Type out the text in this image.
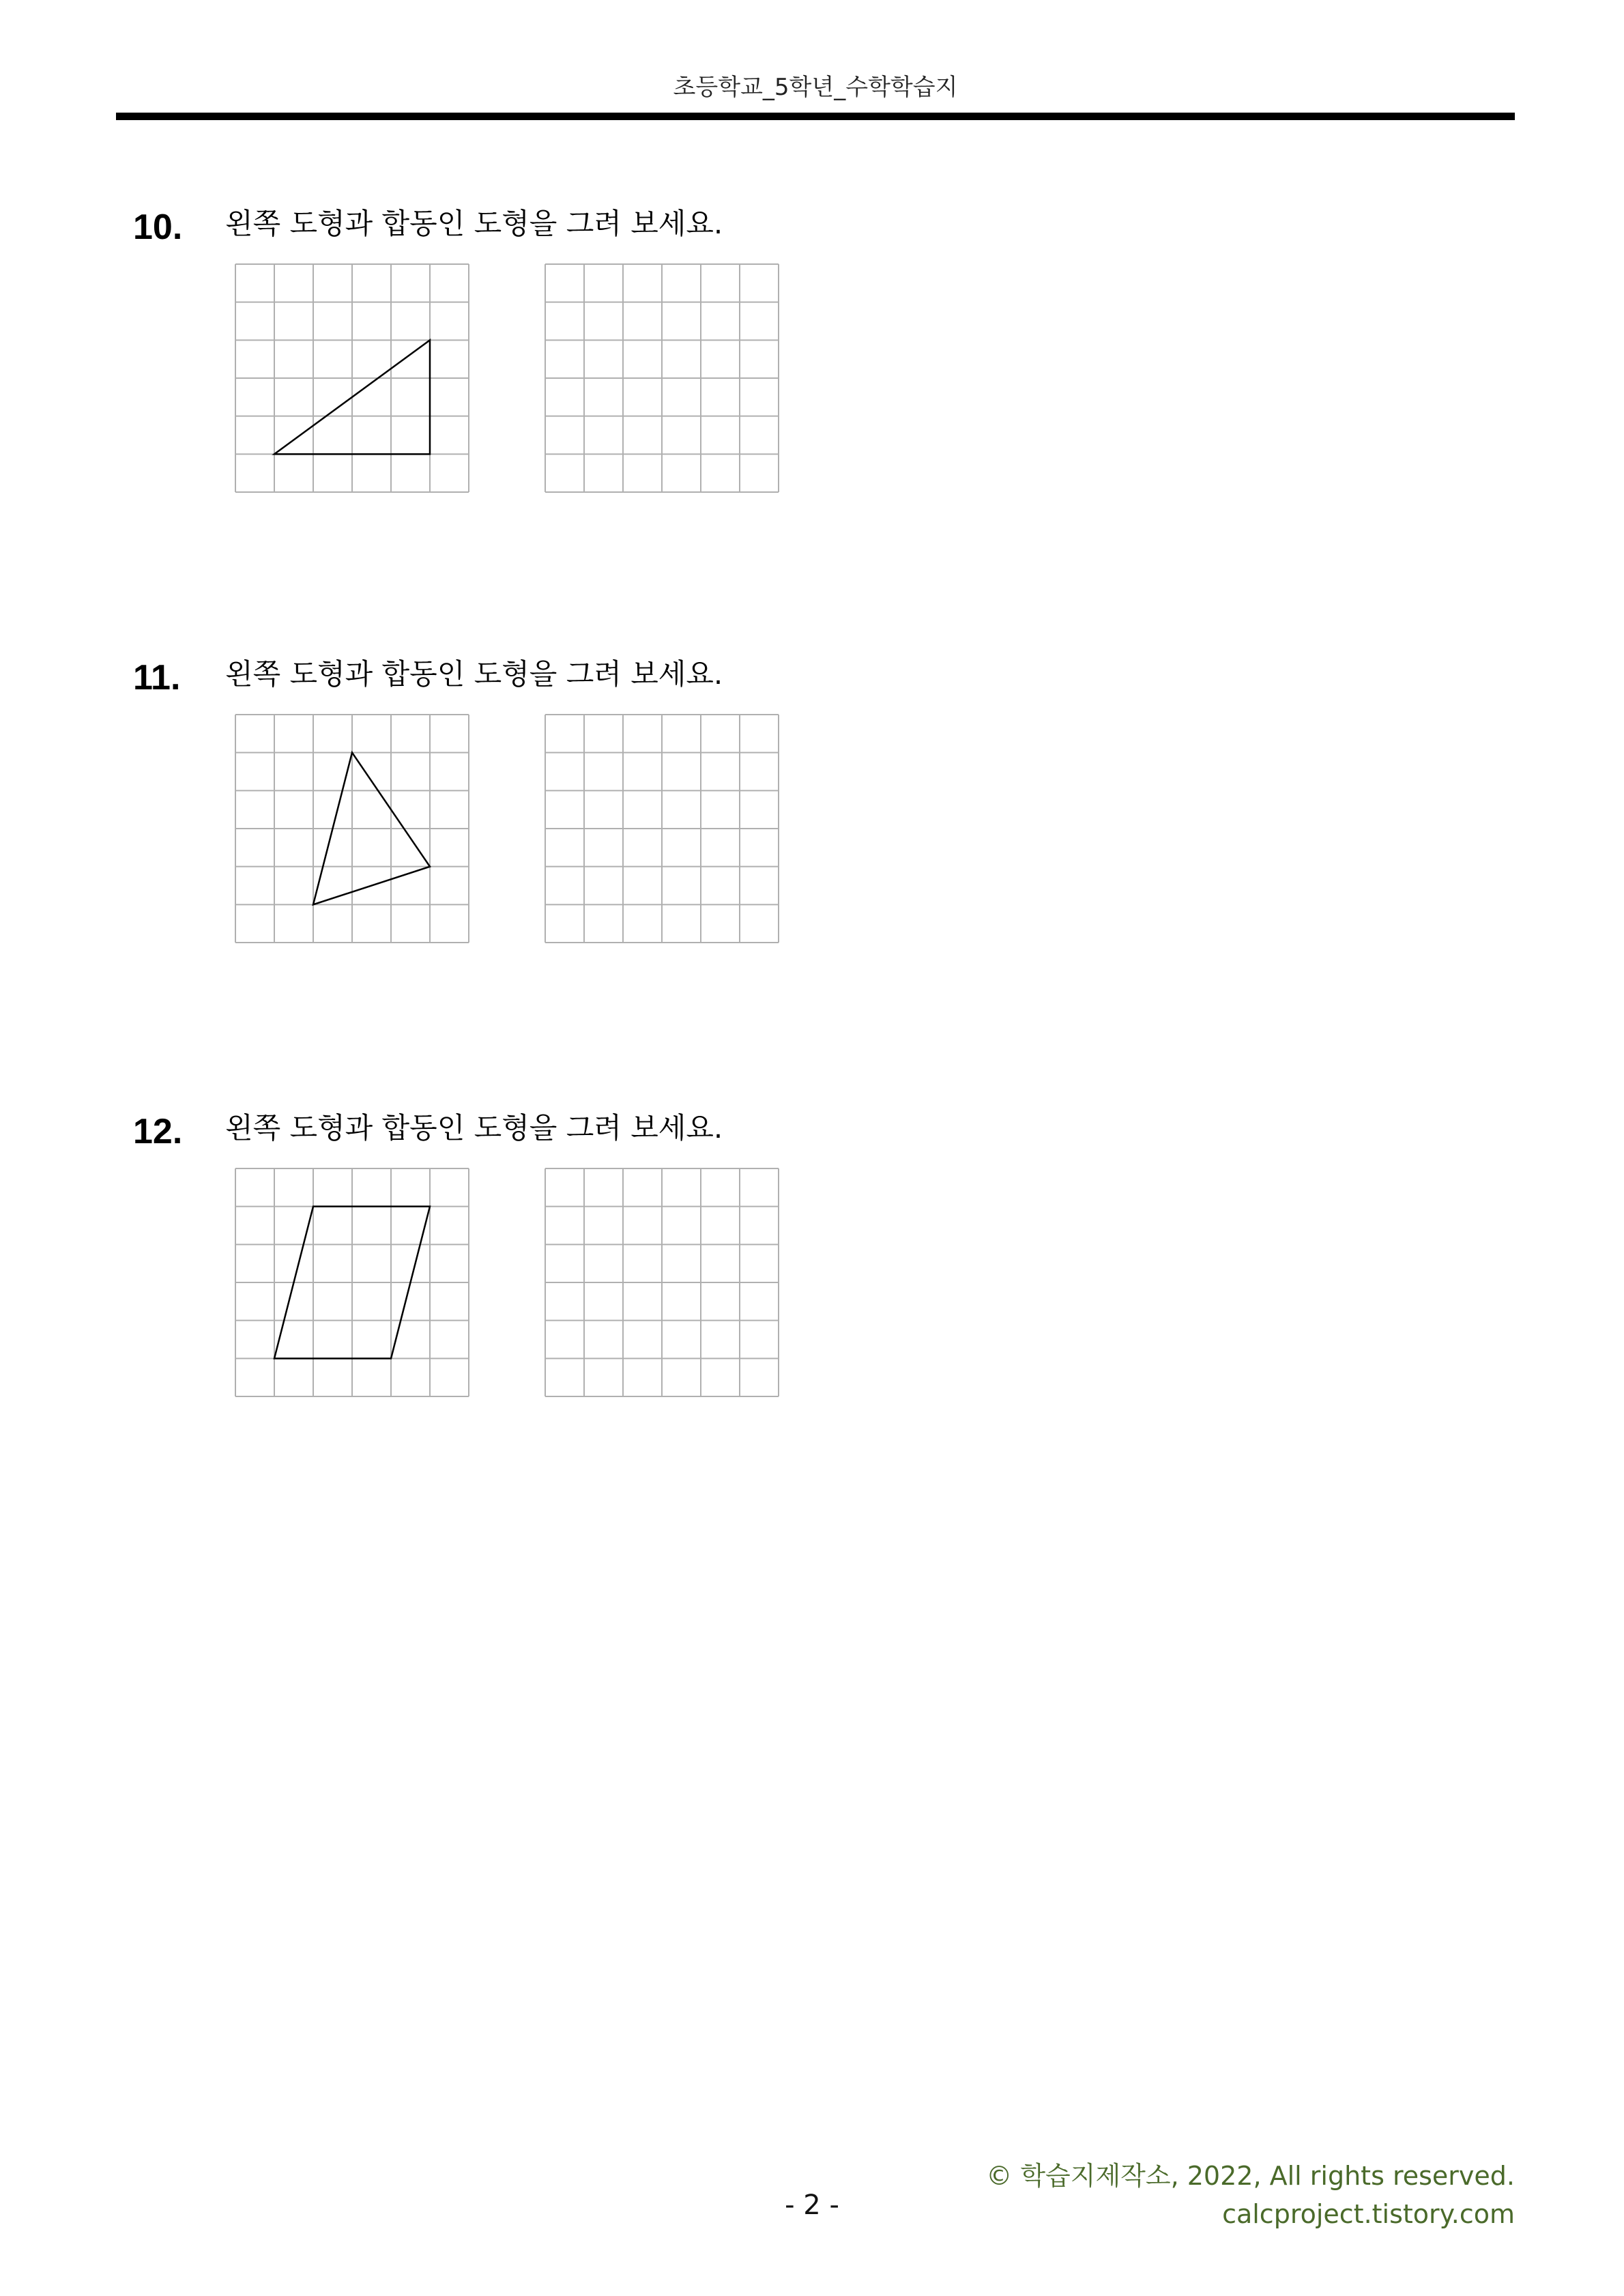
초등학교_5학년_수학학습지
10. 왼쪽 도형과 합동인 도형을 그려 보세요.
11. 왼쪽 도형과 합동인 도형을 그려 보세요.
12. 왼쪽 도형과 합동인 도형을 그려 보세요.
- 2 -
© 학습지제작소, 2022, All rights reserved.
calcproject.tistory.com
